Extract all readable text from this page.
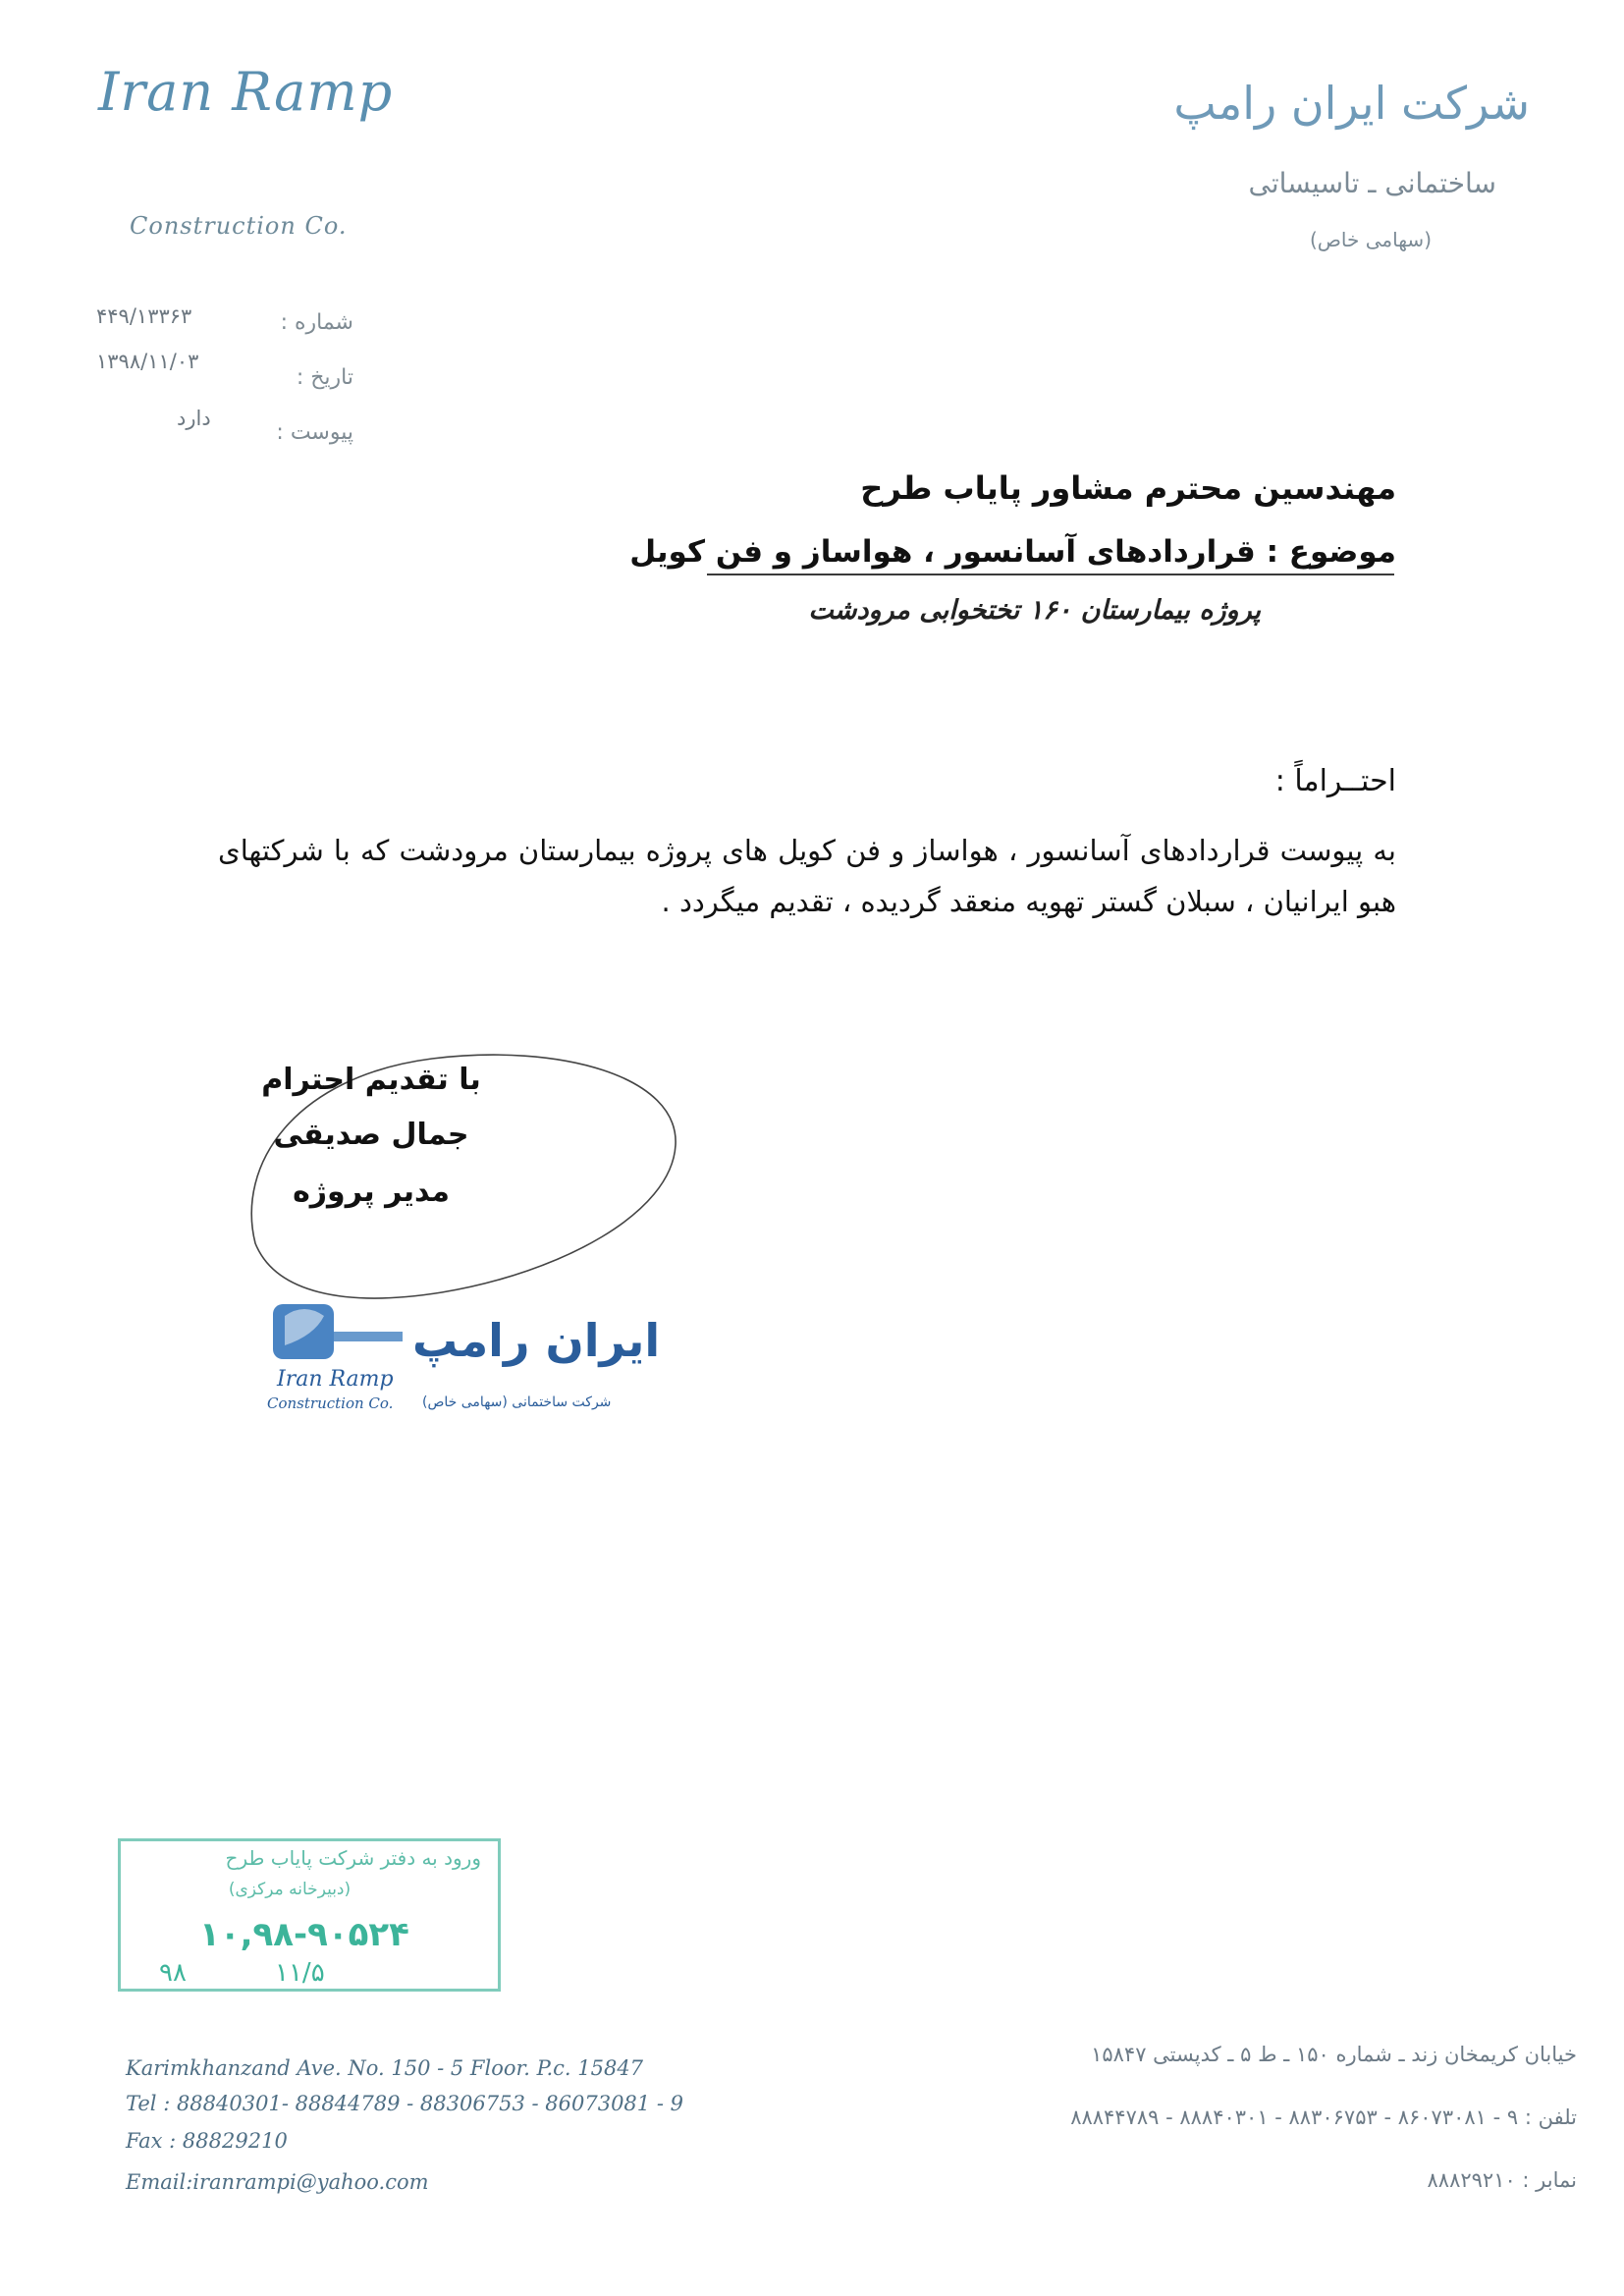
Iran Ramp
Construction Co.
شرکت ایران رامپ
ساختمانی ـ تاسیساتی
(سهامی خاص)
شماره :
۴۴۹/۱۳۳۶۳
تاریخ :
۱۳۹۸/۱۱/۰۳
پیوست :
دارد
مهندسین محترم مشاور پایاب طرح
موضوع : قراردادهای آسانسور ، هواساز و فن کویل
پروژه بیمارستان ۱۶۰ تختخوابی مرودشت
احتــراماً :
به پیوست قراردادهای آسانسور ، هواساز و فن کویل های پروژه بیمارستان مرودشت که با شرکتهای هبو ایرانیان ، سبلان گستر تهویه منعقد گردیده ، تقدیم میگردد .
با تقدیم احترام
جمال صدیقی
مدیر پروژه
ایران رامپ
Iran Ramp
Construction Co. شرکت ساختمانی (سهامی خاص)
ورود به دفتر شرکت پایاب طرح
(دبیرخانه مرکزی)
۱۰,۹۸-۹۰۵۲۴
۹۸	۱۱/۵
Karimkhanzand Ave. No. 150 - 5 Floor. P.c. 15847
Tel : 88840301- 88844789 - 88306753 - 86073081 - 9
Fax : 88829210
Email:iranrampi@yahoo.com
خیابان کریمخان زند ـ شماره ۱۵۰ ـ ط ۵ ـ کدپستی ۱۵۸۴۷
تلفن : ۹ - ۸۶۰۷۳۰۸۱ - ۸۸۳۰۶۷۵۳ - ۸۸۸۴۰۳۰۱ - ۸۸۸۴۴۷۸۹
نمابر : ۸۸۸۲۹۲۱۰
